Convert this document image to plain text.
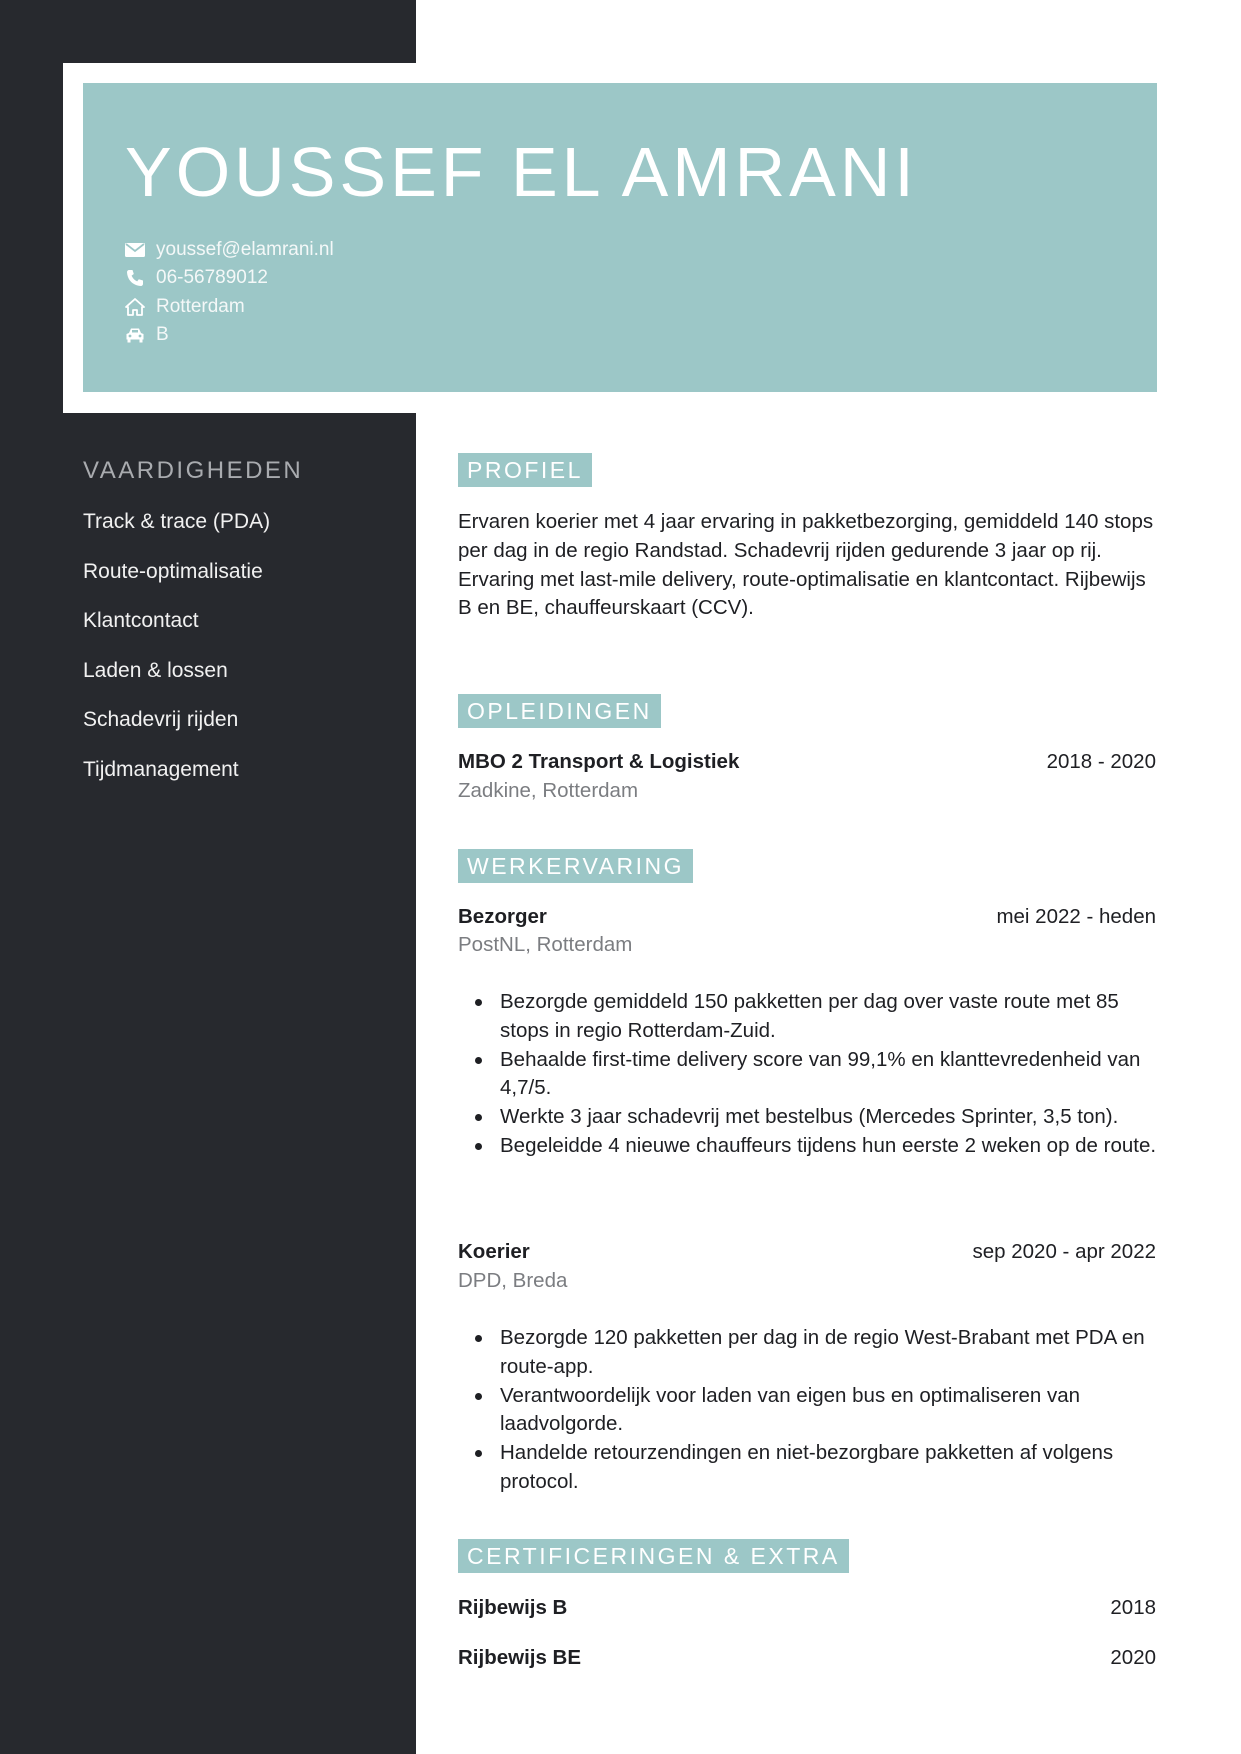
YOUSSEF EL AMRANI
youssef@elamrani.nl
06-56789012
Rotterdam
B
VAARDIGHEDEN
Track & trace (PDA)
Route-optimalisatie
Klantcontact
Laden & lossen
Schadevrij rijden
Tijdmanagement
PROFIEL

Ervaren koerier met 4 jaar ervaring in pakketbezorging, gemiddeld 140 stops per dag in de regio Randstad. Schadevrij rijden gedurende 3 jaar op rij. Ervaring met last-mile delivery, route-optimalisatie en klantcontact. Rijbewijs B en BE, chauffeurskaart (CCV).

OPLEIDINGEN
MBO 2 Transport & Logistiek	2018 - 2020
Zadkine, Rotterdam
WERKERVARING
Bezorger	mei 2022 - heden
PostNL, Rotterdam
Bezorgde gemiddeld 150 pakketten per dag over vaste route met 85 stops in regio Rotterdam-Zuid.
Behaalde first-time delivery score van 99,1% en klanttevredenheid van 4,7/5.
Werkte 3 jaar schadevrij met bestelbus (Mercedes Sprinter, 3,5 ton).
Begeleidde 4 nieuwe chauffeurs tijdens hun eerste 2 weken op de route.
Koerier	sep 2020 - apr 2022
DPD, Breda
Bezorgde 120 pakketten per dag in de regio West-Brabant met PDA en route-app.
Verantwoordelijk voor laden van eigen bus en optimaliseren van laadvolgorde.
Handelde retourzendingen en niet-bezorgbare pakketten af volgens protocol.
CERTIFICERINGEN & EXTRA
Rijbewijs B	2018
Rijbewijs BE	2020
